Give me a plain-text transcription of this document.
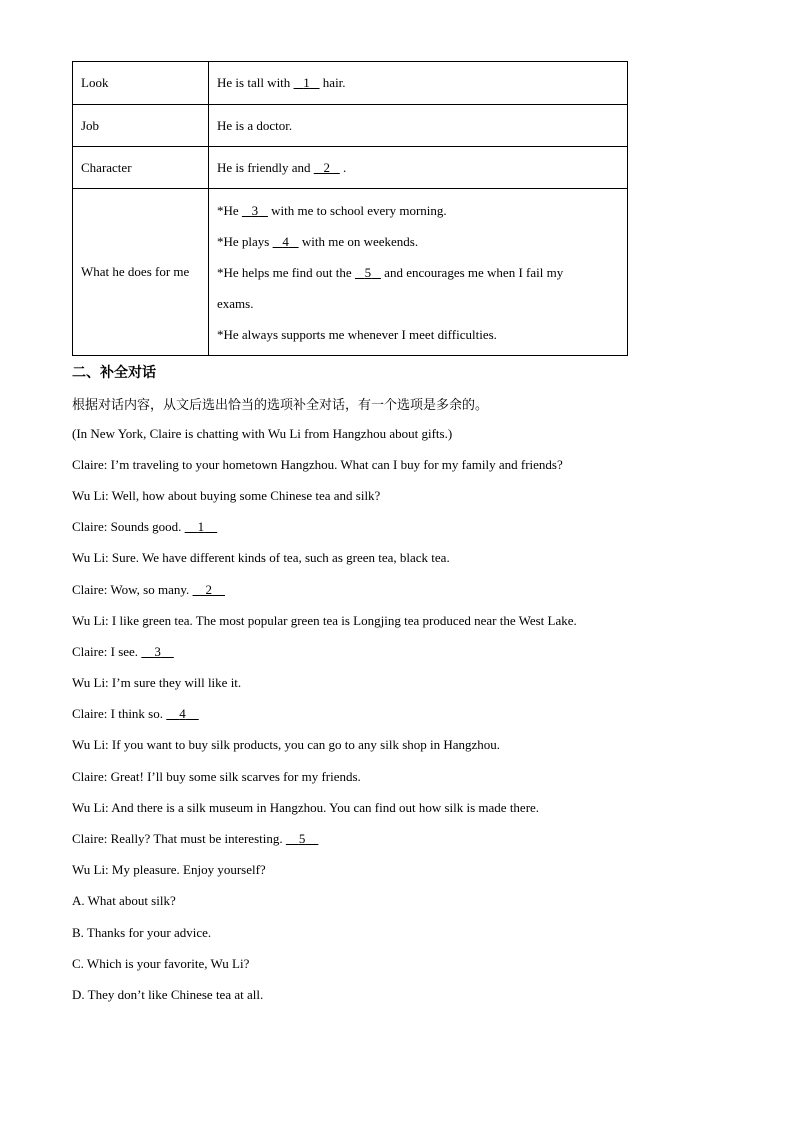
Look	He is tall with    1    hair.
Job	He is a doctor.
Character	He is friendly and    2    .
What he does for me	*He    3    with me to school every morning.

*He plays    4    with me on weekends.

*He helps me find out the    5    and encourages me when I fail my

exams.

*He always supports me whenever I meet difficulties.

二、补全对话
根据对话内容，从文后选出恰当的选项补全对话，有一个选项是多余的。
(In New York, Claire is chatting with Wu Li from Hangzhou about gifts.)
Claire: I’m traveling to your hometown Hangzhou. What can I buy for my family and friends?
Wu Li: Well, how about buying some Chinese tea and silk?
Claire: Sounds good.     1
Wu Li: Sure. We have different kinds of tea, such as green tea, black tea.
Claire: Wow, so many.     2
Wu Li: I like green tea. The most popular green tea is Longjing tea produced near the West Lake.
Claire: I see.     3
Wu Li: I’m sure they will like it.
Claire: I think so.     4
Wu Li: If you want to buy silk products, you can go to any silk shop in Hangzhou.
Claire: Great! I’ll buy some silk scarves for my friends.
Wu Li: And there is a silk museum in Hangzhou. You can find out how silk is made there.
Claire: Really? That must be interesting.     5
Wu Li: My pleasure. Enjoy yourself?
A. What about silk?
B. Thanks for your advice.
C. Which is your favorite, Wu Li?
D. They don’t like Chinese tea at all.
